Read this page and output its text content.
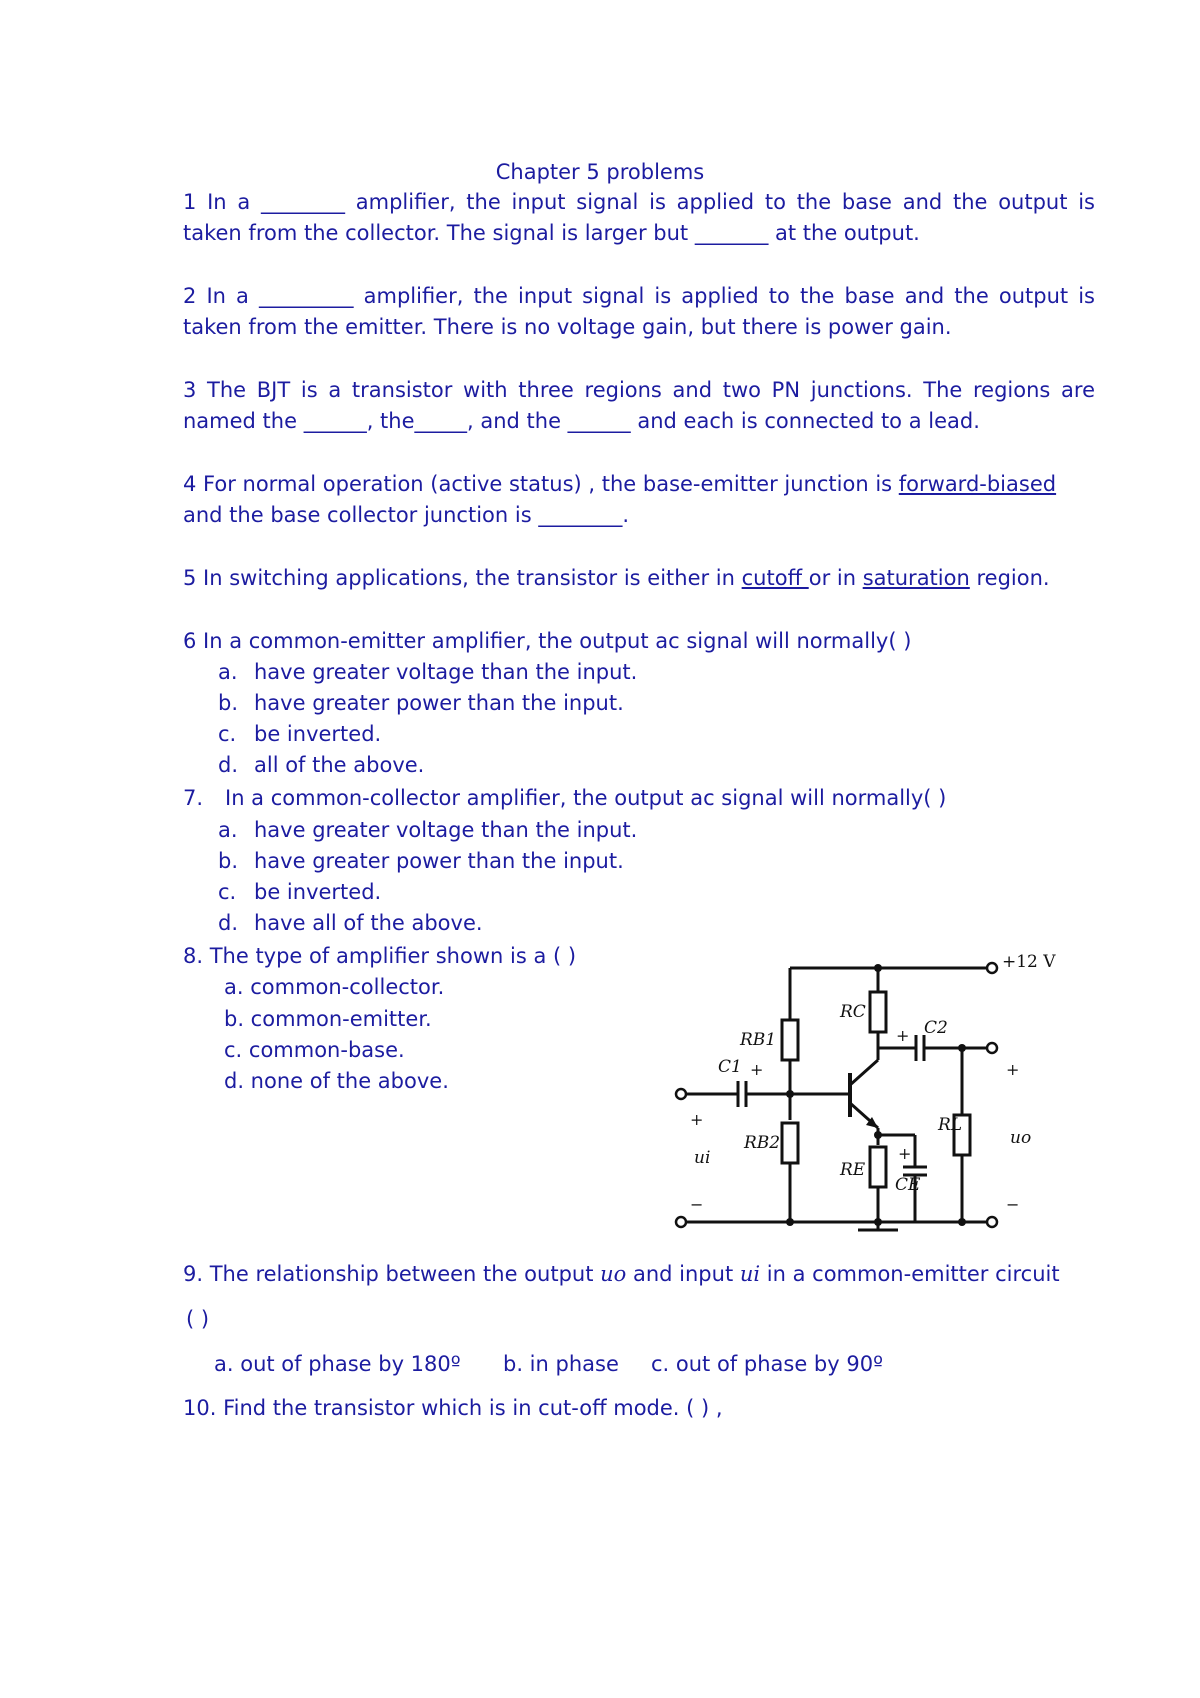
Chapter 5 problems
1 In a ________ amplifier, the input signal is applied to the base and the output is
taken from the collector. The signal is larger but _______ at the output.
2 In a _________ amplifier, the input signal is applied to the base and the output is
taken from the emitter. There is no voltage gain, but there is power gain.
3 The BJT is a transistor with three regions and two PN junctions. The regions are
named the ______, the_____, and the ______ and each is connected to a lead.
4 For normal operation (active status) , the base-emitter junction is forward-biased
and the base collector junction is ________.
5 In switching applications, the transistor is either in cutoff or in saturation region.
6 In a common-emitter amplifier, the output ac signal will normally( )
a. have greater voltage than the input.
b. have greater power than the input.
c. be inverted.
d. all of the above.
7. In a common-collector amplifier, the output ac signal will normally( )
a. have greater voltage than the input.
b. have greater power than the input.
c. be inverted.
d. have all of the above.
8. The type of amplifier shown is a ( )
a. common-collector.
b. common-emitter.
c. common-base.
d. none of the above.
+12 V
RB1
RB2
RC
RE
RL
C1
C2
CE
ui
uo
+
+
+
+
−
+
−
9. The relationship between the output uo and input ui in a common-emitter circuit
( )
a. out of phase by 180º b. in phase c. out of phase by 90º
10. Find the transistor which is in cut-off mode. ( ) ,
